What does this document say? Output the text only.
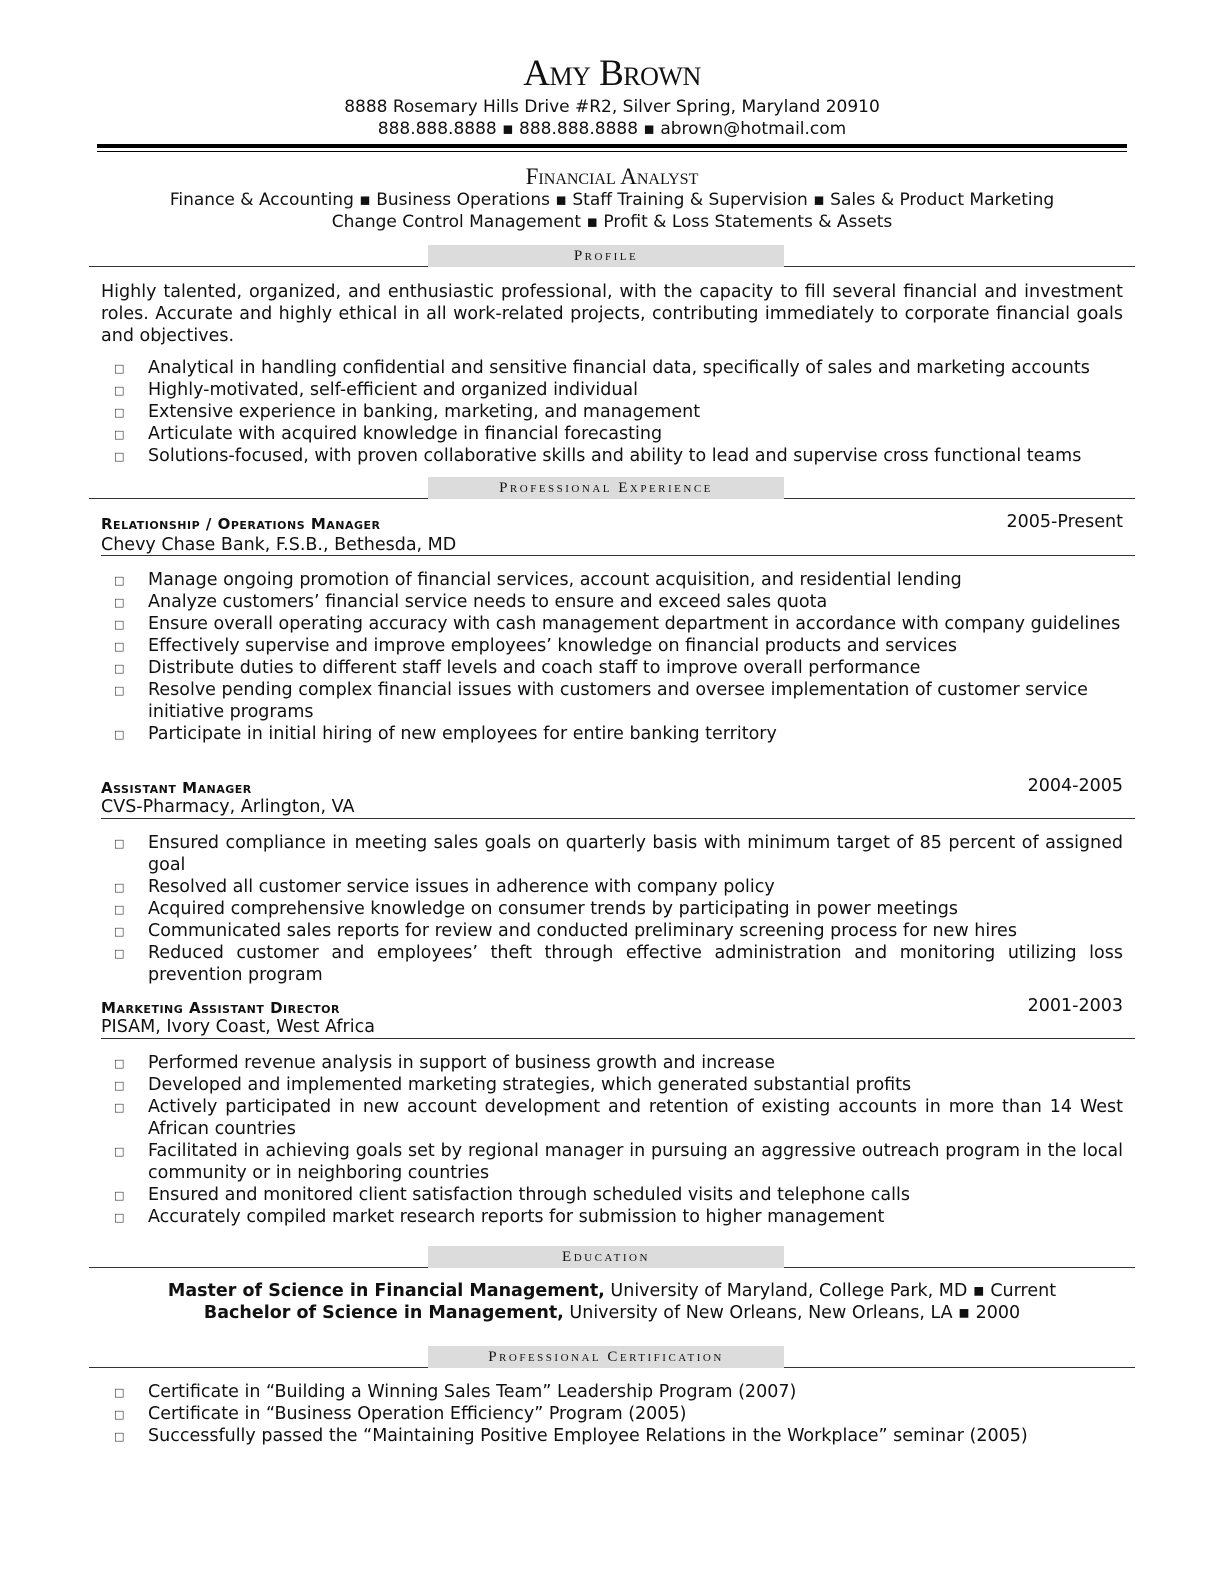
Amy Brown
8888 Rosemary Hills Drive #R2, Silver Spring, Maryland 20910
888.888.8888 ▪ 888.888.8888 ▪ abrown@hotmail.com
Financial Analyst
Finance & Accounting ▪ Business Operations ▪ Staff Training & Supervision ▪ Sales & Product Marketing
Change Control Management ▪ Profit & Loss Statements & Assets
Profile
Highly talented, organized, and enthusiastic professional, with the capacity to fill several financial and investment roles. Accurate and highly ethical in all work-related projects, contributing immediately to corporate financial goals and objectives.
□ Analytical in handling confidential and sensitive financial data, specifically of sales and marketing accounts
□ Highly-motivated, self-efficient and organized individual
□ Extensive experience in banking, marketing, and management
□ Articulate with acquired knowledge in financial forecasting
□ Solutions-focused, with proven collaborative skills and ability to lead and supervise cross functional teams
Professional Experience
Relationship / Operations Manager	2005-Present
Chevy Chase Bank, F.S.B., Bethesda, MD
□ Manage ongoing promotion of financial services, account acquisition, and residential lending
□ Analyze customers’ financial service needs to ensure and exceed sales quota
□ Ensure overall operating accuracy with cash management department in accordance with company guidelines
□ Effectively supervise and improve employees’ knowledge on financial products and services
□ Distribute duties to different staff levels and coach staff to improve overall performance
□ Resolve pending complex financial issues with customers and oversee implementation of customer service initiative programs
□ Participate in initial hiring of new employees for entire banking territory
Assistant Manager	2004-2005
CVS-Pharmacy, Arlington, VA
□ Ensured compliance in meeting sales goals on quarterly basis with minimum target of 85 percent of assigned goal
□ Resolved all customer service issues in adherence with company policy
□ Acquired comprehensive knowledge on consumer trends by participating in power meetings
□ Communicated sales reports for review and conducted preliminary screening process for new hires
□ Reduced customer and employees’ theft through effective administration and monitoring utilizing loss prevention program
Marketing Assistant Director	2001-2003
PISAM, Ivory Coast, West Africa
□ Performed revenue analysis in support of business growth and increase
□ Developed and implemented marketing strategies, which generated substantial profits
□ Actively participated in new account development and retention of existing accounts in more than 14 West African countries
□ Facilitated in achieving goals set by regional manager in pursuing an aggressive outreach program in the local community or in neighboring countries
□ Ensured and monitored client satisfaction through scheduled visits and telephone calls
□ Accurately compiled market research reports for submission to higher management
Education
Master of Science in Financial Management, University of Maryland, College Park, MD ▪ Current
Bachelor of Science in Management, University of New Orleans, New Orleans, LA ▪ 2000
Professional Certification
□ Certificate in “Building a Winning Sales Team” Leadership Program (2007)
□ Certificate in “Business Operation Efficiency” Program (2005)
□ Successfully passed the “Maintaining Positive Employee Relations in the Workplace” seminar (2005)
